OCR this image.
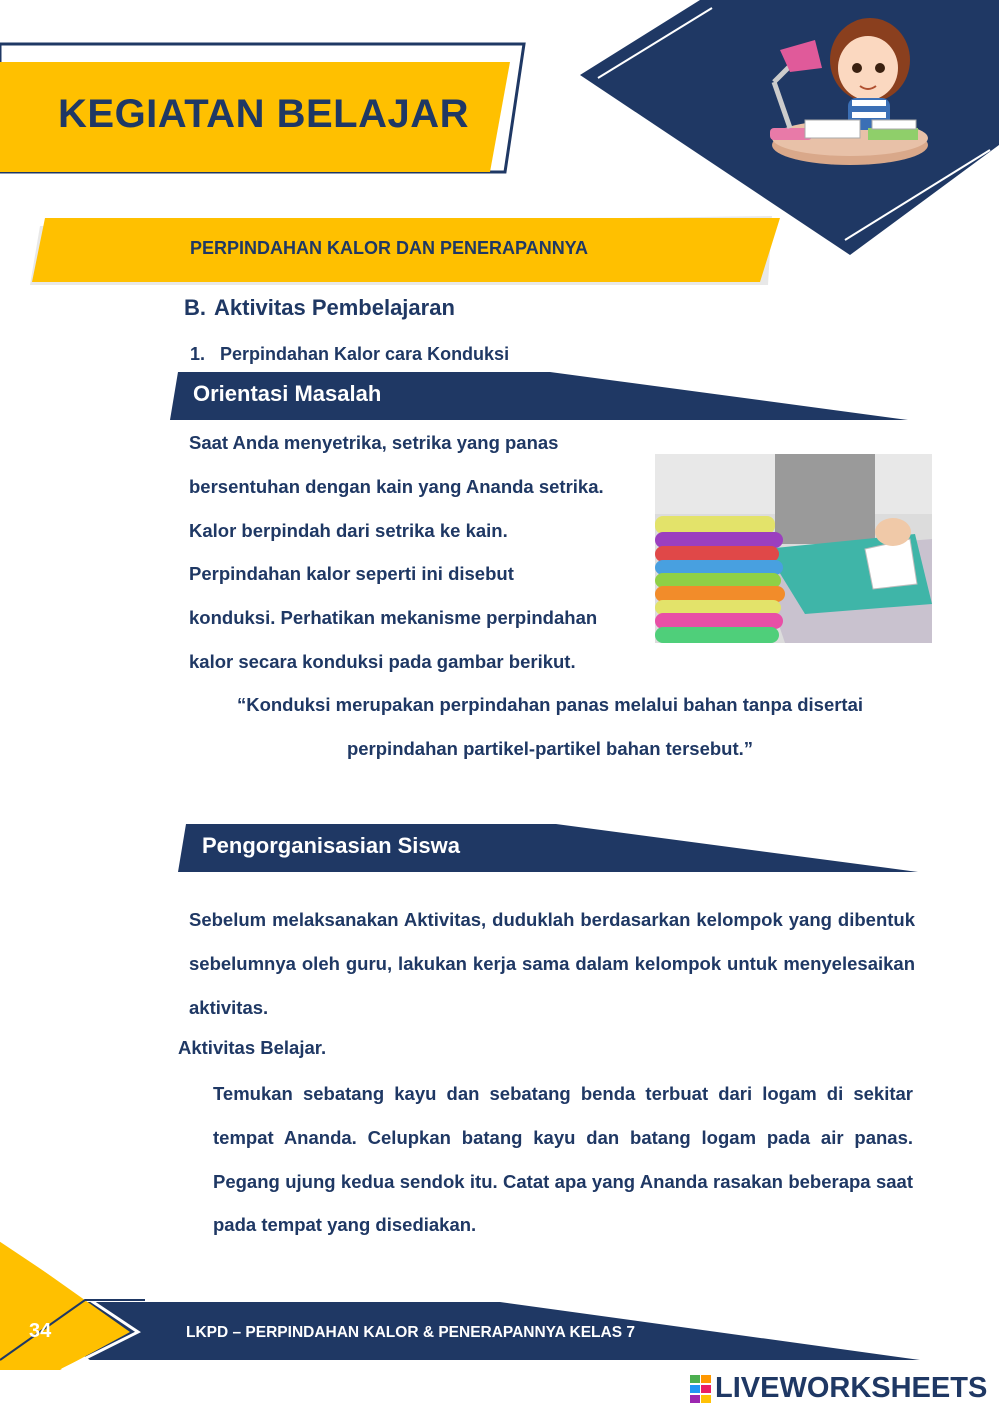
KEGIATAN BELAJAR
PERPINDAHAN KALOR DAN PENERAPANNYA
B. Aktivitas Pembelajaran
1. Perpindahan Kalor cara Konduksi
Orientasi Masalah
Saat Anda menyetrika, setrika yang panas
bersentuhan dengan kain yang Ananda setrika.
Kalor berpindah dari setrika ke kain.
Perpindahan kalor seperti ini disebut
konduksi. Perhatikan mekanisme perpindahan
kalor secara konduksi pada gambar berikut.
“Konduksi merupakan perpindahan panas melalui bahan tanpa disertai
perpindahan partikel-partikel bahan tersebut.”
Pengorganisasian Siswa
Sebelum melaksanakan Aktivitas, duduklah berdasarkan kelompok yang dibentuk sebelumnya oleh guru, lakukan kerja sama dalam kelompok untuk menyelesaikan aktivitas.
Aktivitas Belajar.
Temukan sebatang kayu dan sebatang benda terbuat dari logam di sekitar tempat Ananda. Celupkan batang kayu dan batang logam pada air panas. Pegang ujung kedua sendok itu. Catat apa yang Ananda rasakan beberapa saat pada tempat yang disediakan.
34	LKPD – PERPINDAHAN KALOR & PENERAPANNYA KELAS 7
LIVEWORKSHEETS
